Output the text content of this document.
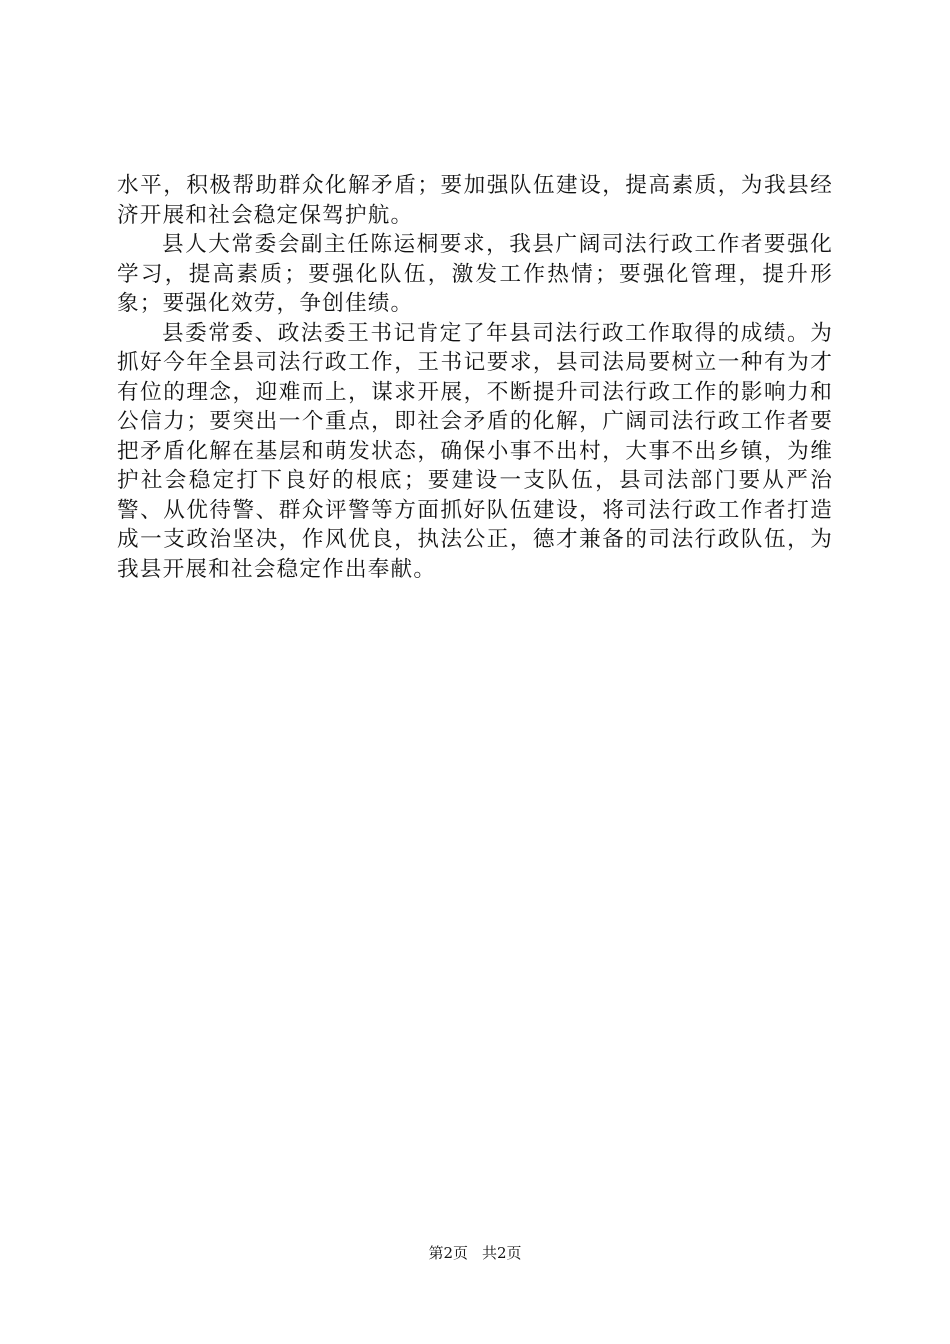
水平，积极帮助群众化解矛盾；要加强队伍建设，提高素质，为我县经济开展和社会稳定保驾护航。

县人大常委会副主任陈运桐要求，我县广阔司法行政工作者要强化学习，提高素质；要强化队伍，激发工作热情；要强化管理，提升形象；要强化效劳，争创佳绩。

县委常委、政法委王书记肯定了年县司法行政工作取得的成绩。为抓好今年全县司法行政工作，王书记要求，县司法局要树立一种有为才有位的理念，迎难而上，谋求开展，不断提升司法行政工作的影响力和公信力；要突出一个重点，即社会矛盾的化解，广阔司法行政工作者要把矛盾化解在基层和萌发状态，确保小事不出村，大事不出乡镇，为维护社会稳定打下良好的根底；要建设一支队伍，县司法部门要从严治警、从优待警、群众评警等方面抓好队伍建设，将司法行政工作者打造成一支政治坚决，作风优良，执法公正，德才兼备的司法行政队伍，为我县开展和社会稳定作出奉献。

第2页 共2页
